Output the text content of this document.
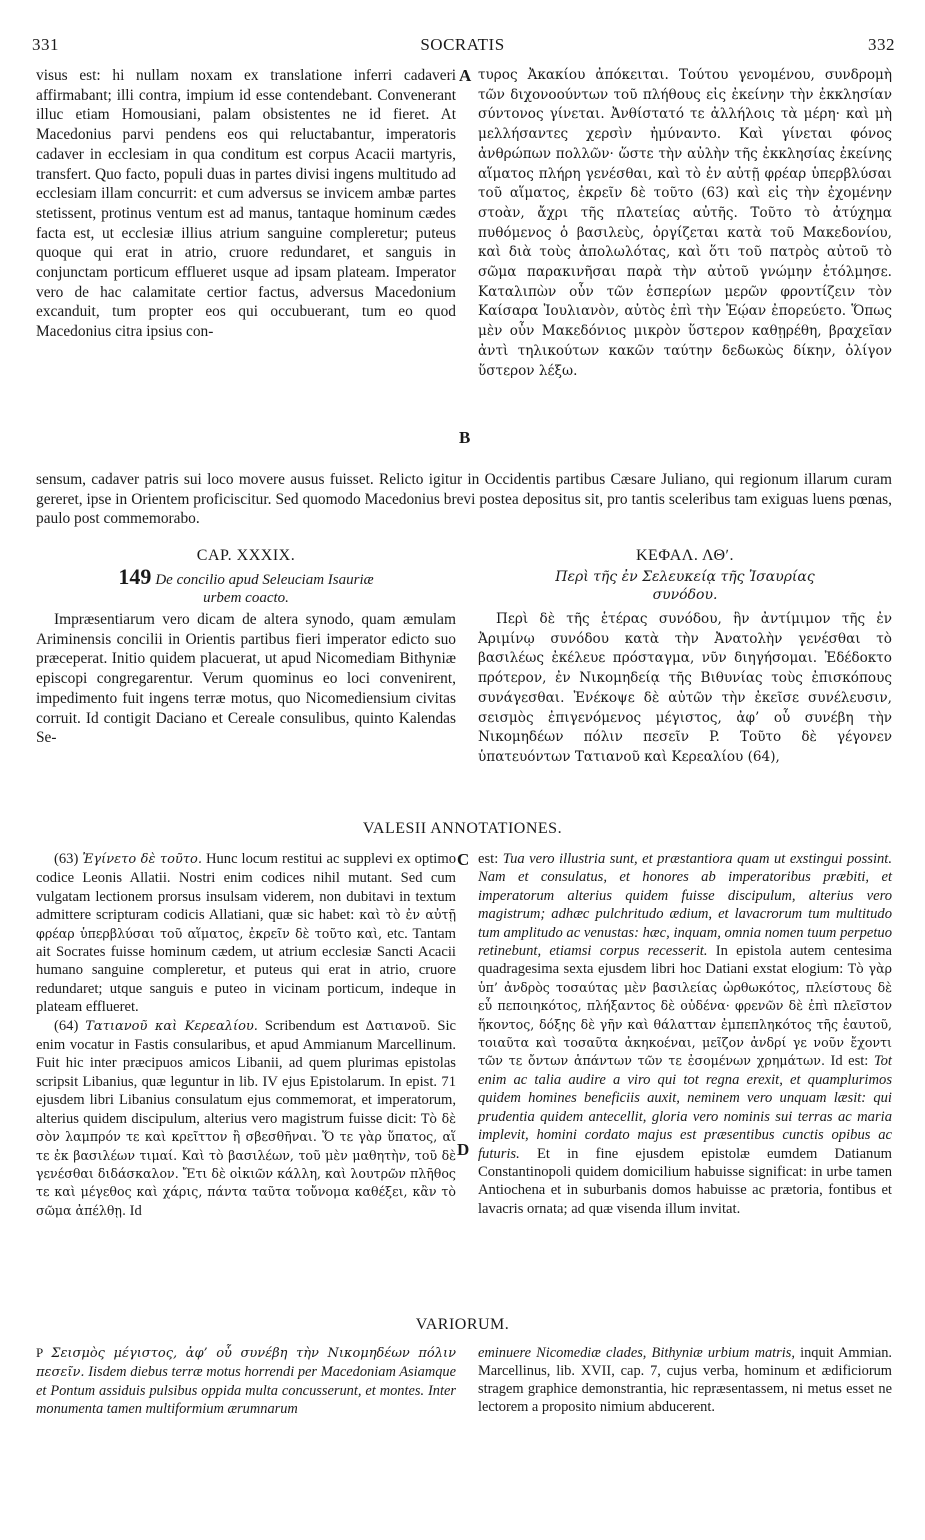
331	SOCRATIS	332
A
B
C
D

visus est: hi nullam noxam ex translatione inferri cadaveri affirmabant; illi contra, impium id esse contendebant. Convenerant illuc etiam Homousiani, palam obsistentes ne id fieret. At Macedonius parvi pendens eos qui reluctabantur, imperatoris cadaver in ecclesiam in qua conditum est corpus Acacii martyris, transfert. Quo facto, populi duas in partes divisi ingens multitudo ad ecclesiam illam concurrit: et cum adversus se invicem ambæ partes stetissent, protinus ventum est ad manus, tantaque hominum cædes facta est, ut ecclesiæ illius atrium sanguine compleretur; puteus quoque qui erat in atrio, cruore redundaret, et sanguis in conjunctam porticum efflueret usque ad ipsam plateam. Imperator vero de hac calamitate certior factus, adversus Macedonium excanduit, tum propter eos qui occubuerant, tum eo quod Macedonius citra ipsius con-

τυρος Ἀκακίου ἀπόκειται. Τούτου γενομένου, συνδρομὴ τῶν διχονοούντων τοῦ πλήθους εἰς ἐκείνην τὴν ἐκκλησίαν σύντονος γίνεται. Ἀνθίστατό τε ἀλλήλοις τὰ μέρη· καὶ μὴ μελλήσαντες χερσὶν ἠμύναντο. Καὶ γίνεται φόνος ἀνθρώπων πολλῶν· ὥστε τὴν αὐλὴν τῆς ἐκκλησίας ἐκείνης αἵματος πλήρη γενέσθαι, καὶ τὸ ἐν αὐτῇ φρέαρ ὑπερβλύσαι τοῦ αἵματος, ἐκρεῖν δὲ τοῦτο (63) καὶ εἰς τὴν ἐχομένην στοὰν, ἄχρι τῆς πλατείας αὐτῆς. Τοῦτο τὸ ἀτύχημα πυθόμενος ὁ βασιλεὺς, ὀργίζεται κατὰ τοῦ Μακεδονίου, καὶ διὰ τοὺς ἀπολωλότας, καὶ ὅτι τοῦ πατρὸς αὐτοῦ τὸ σῶμα παρακινῆσαι παρὰ τὴν αὐτοῦ γνώμην ἐτόλμησε. Καταλιπὼν οὖν τῶν ἑσπερίων μερῶν φροντίζειν τὸν Καίσαρα Ἰουλιανὸν, αὐτὸς ἐπὶ τὴν Ἑῴαν ἐπορεύετο. Ὅπως μὲν οὖν Μακεδόνιος μικρὸν ὕστερον καθῃρέθη, βραχεῖαν ἀντὶ τηλικούτων κακῶν ταύτην δεδωκὼς δίκην, ὀλίγον ὕστερον λέξω.

sensum, cadaver patris sui loco movere ausus fuisset. Relicto igitur in Occidentis partibus Cæsare Juliano, qui regionum illarum curam gereret, ipse in Orientem proficiscitur. Sed quomodo Macedonius brevi postea depositus sit, pro tantis sceleribus tam exiguas luens pœnas, paulo post commemorabo.
CAP. XXXIX.
149 De concilio apud Seleuciam Isauriæ
urbem coacto.
ΚΕΦΑΛ. ΛΘʹ.
Περὶ τῆς ἐν Σελευκείᾳ τῆς Ἰσαυρίας
συνόδου.

Impræsentiarum vero dicam de altera synodo, quam æmulam Ariminensis concilii in Orientis partibus fieri imperator edicto suo præceperat. Initio quidem placuerat, ut apud Nicomediam Bithyniæ episcopi congregarentur. Verum quominus eo loci convenirent, impedimento fuit ingens terræ motus, quo Nicomediensium civitas corruit. Id contigit Daciano et Cereale consulibus, quinto Kalendas Se-

Περὶ δὲ τῆς ἑτέρας συνόδου, ἣν ἀντίμιμον τῆς ἐν Ἀριμίνῳ συνόδου κατὰ τὴν Ἀνατολὴν γενέσθαι τὸ βασιλέως ἐκέλευε πρόσταγμα, νῦν διηγήσομαι. Ἐδέδοκτο πρότερον, ἐν Νικομηδείᾳ τῆς Βιθυνίας τοὺς ἐπισκόπους συνάγεσθαι. Ἐνέκοψε δὲ αὐτῶν τὴν ἐκεῖσε συνέλευσιν, σεισμὸς ἐπιγενόμενος μέγιστος, ἀφ’ οὗ συνέβη τὴν Νικομηδέων πόλιν πεσεῖν P. Τοῦτο δὲ γέγονεν ὑπατευόντων Τατιανοῦ καὶ Κερεαλίου (64),

VALESII ANNOTATIONES.

(63) Ἐγίνετο δὲ τοῦτο. Hunc locum restitui ac supplevi ex optimo codice Leonis Allatii. Nostri enim codices nihil mutant. Sed cum vulgatam lectionem prorsus insulsam viderem, non dubitavi in textum admittere scripturam codicis Allatiani, quæ sic habet: καὶ τὸ ἐν αὐτῇ φρέαρ ὑπερβλύσαι τοῦ αἵματος, ἐκρεῖν δὲ τοῦτο καὶ, etc. Tantam ait Socrates fuisse hominum cædem, ut atrium ecclesiæ Sancti Acacii humano sanguine compleretur, et puteus qui erat in atrio, cruore redundaret; utque sanguis e puteo in vicinam porticum, indeque in plateam efflueret.

(64) Τατιανοῦ καὶ Κερεαλίου. Scribendum est Δατιανοῦ. Sic enim vocatur in Fastis consularibus, et apud Ammianum Marcellinum. Fuit hic inter præcipuos amicos Libanii, ad quem plurimas epistolas scripsit Libanius, quæ leguntur in lib. IV ejus Epistolarum. In epist. 71 ejusdem libri Libanius consulatum ejus commemorat, et imperatorum, alterius quidem discipulum, alterius vero magistrum fuisse dicit: Τὸ δὲ σὸν λαμπρόν τε καὶ κρεῖττον ἢ σβεσθῆναι. Ὅ τε γὰρ ὕπατος, αἵ τε ἐκ βασιλέων τιμαί. Καὶ τὸ βασιλέων, τοῦ μὲν μαθητὴν, τοῦ δὲ γενέσθαι διδάσκαλον. Ἔτι δὲ οἰκιῶν κάλλη, καὶ λουτρῶν πλῆθος τε καὶ μέγεθος καὶ χάρις, πάντα ταῦτα τοὔνομα καθέξει, κἂν τὸ σῶμα ἀπέλθῃ. Id

est: Tua vero illustria sunt, et præstantiora quam ut exstingui possint. Nam et consulatus, et honores ab imperatoribus præbiti, et imperatorum alterius quidem fuisse discipulum, alterius vero magistrum; adhæc pulchritudo ædium, et lavacrorum tum multitudo tum amplitudo ac venustas: hæc, inquam, omnia nomen tuum perpetuo retinebunt, etiamsi corpus recesserit. In epistola autem centesima quadragesima sexta ejusdem libri hoc Datiani exstat elogium: Τὸ γὰρ ὑπ’ ἀνδρὸς τοσαύτας μὲν βασιλείας ὠρθωκότος, πλείστους δὲ εὖ πεποιηκότος, πλήξαντος δὲ οὐδένα· φρενῶν δὲ ἐπὶ πλεῖστον ἥκοντος, δόξης δὲ γῆν καὶ θάλατταν ἐμπεπληκότος τῆς ἑαυτοῦ, τοιαῦτα καὶ τοσαῦτα ἀκηκοέναι, μεῖζον ἀνδρί γε νοῦν ἔχοντι τῶν τε ὄντων ἁπάντων τῶν τε ἐσομένων χρημάτων. Id est: Tot enim ac talia audire a viro qui tot regna erexit, et quamplurimos quidem homines beneficiis auxit, neminem vero unquam læsit: qui prudentia quidem antecellit, gloria vero nominis sui terras ac maria implevit, homini cordato majus est præsentibus cunctis opibus ac futuris. Et in fine ejusdem epistolæ eumdem Datianum Constantinopoli quidem domicilium habuisse significat: in urbe tamen Antiochena et in suburbanis domos habuisse ac prætoria, fontibus et lavacris ornata; ad quæ visenda illum invitat.

VARIORUM.
P Σεισμὸς μέγιστος, ἀφ’ οὗ συνέβη τὴν Νικομηδέων πόλιν πεσεῖν. Iisdem diebus terræ motus horrendi per Macedoniam Asiamque et Pontum assiduis pulsibus oppida multa concusserunt, et montes. Inter monumenta tamen multiformium ærumnarum
eminuere Nicomediæ clades, Bithyniæ urbium matris, inquit Ammian. Marcellinus, lib. XVII, cap. 7, cujus verba, hominum et ædificiorum stragem graphice demonstrantia, hic repræsentassem, ni metus esset ne lectorem a proposito nimium abducerent.
